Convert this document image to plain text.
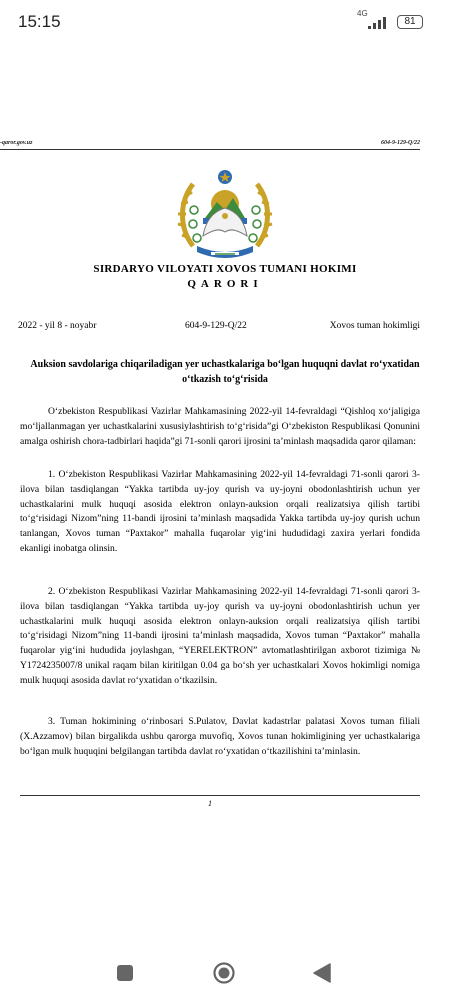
15:15	4G
81
-qaror.gov.uz	604-9-129-Q/22
SIRDARYO VILOYATI XOVOS TUMANI HOKIMI
QARORI
2022 - yil 8 - noyabr	604-9-129-Q/22	Xovos tuman hokimligi
Auksion savdolariga chiqariladigan yer uchastkalariga bo‘lgan huquqni davlat ro‘yxatidan o‘tkazish to‘g‘risida

O‘zbekiston Respublikasi Vazirlar Mahkamasining 2022-yil 14-fevraldagi “Qishloq xo‘jaligiga mo‘ljallanmagan yer uchastkalarini xususiylashtirish to‘g‘risida”gi O‘zbekiston Respublikasi Qonunini amalga oshirish chora-tadbirlari haqida”gi 71-sonli qarori ijrosini ta’minlash maqsadida qaror qilaman:

1. O‘zbekiston Respublikasi Vazirlar Mahkamasining 2022-yil 14-fevraldagi 71-sonli qarori 3-ilova bilan tasdiqlangan “Yakka tartibda uy-joy qurish va uy-joyni obodonlashtirish uchun yer uchastkalarini mulk huquqi asosida elektron onlayn-auksion orqali realizatsiya qilish tartibi to‘g‘risidagi Nizom”ning 11-bandi ijrosini ta’minlash maqsadida Yakka tartibda uy-joy qurish uchun tanlangan, Xovos tuman “Paxtakor” mahalla fuqarolar yig‘ini hududidagi zaxira yerlari fondida ekanligi inobatga olinsin.

2. O‘zbekiston Respublikasi Vazirlar Mahkamasining 2022-yil 14-fevraldagi 71-sonli qarori 3-ilova bilan tasdiqlangan “Yakka tartibda uy-joy qurish va uy-joyni obodonlashtirish uchun yer uchastkalarini mulk huquqi asosida elektron onlayn-auksion orqali realizatsiya qilish tartibi to‘g‘risidagi Nizom”ning 11-bandi ijrosini ta’minlash maqsadida, Xovos tuman “Paxtakor” mahalla fuqarolar yig‘ini hududida joylashgan, “YERELEKTRON” avtomatlashtirilgan axborot tizimiga № Y1724235007/8 unikal raqam bilan kiritilgan 0.04 ga bo‘sh yer uchastkalari Xovos hokimligi nomiga mulk huquqi asosida davlat ro‘yxatidan o‘tkazilsin.

3. Tuman hokimining o‘rinbosari S.Pulatov, Davlat kadastrlar palatasi Xovos tuman filiali (X.Azzamov) bilan birgalikda ushbu qarorga muvofiq, Xovos tunan hokimligining yer uchastkalariga bo‘lgan mulk huquqini belgilangan tartibda davlat ro‘yxatidan o‘tkazilishini ta’minlasin.

1
